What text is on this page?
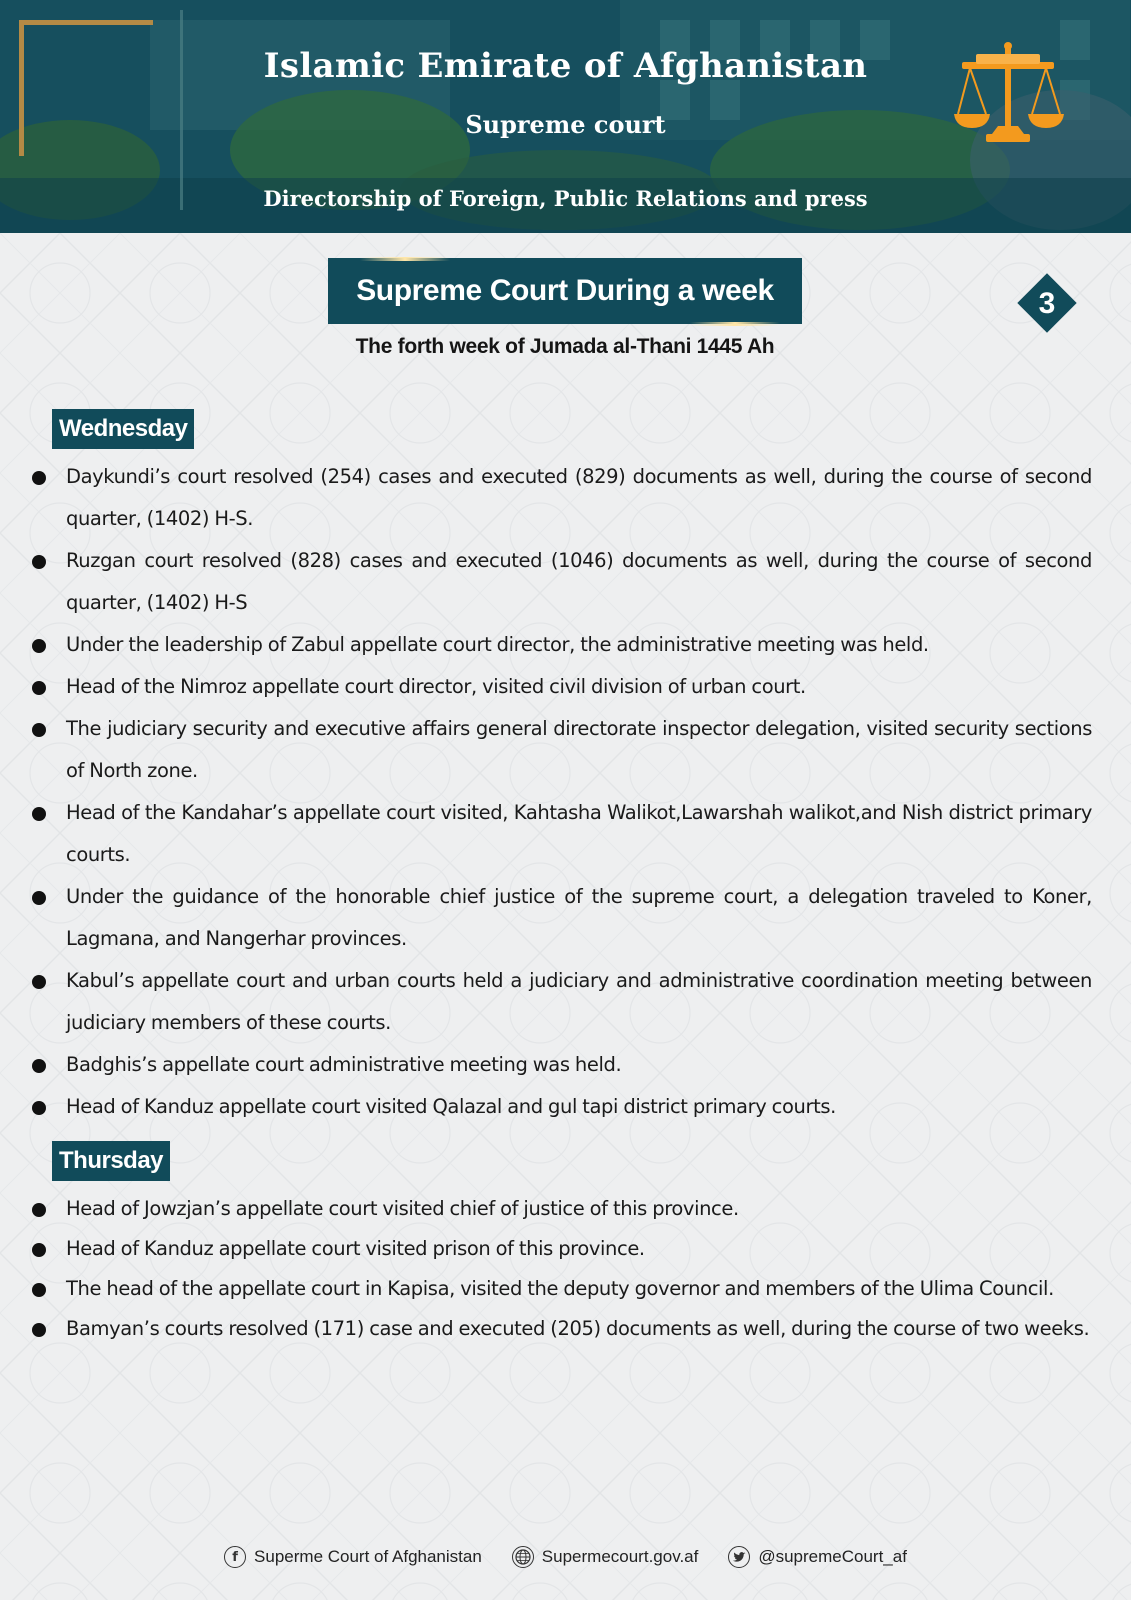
Islamic Emirate of Afghanistan
Supreme court
Directorship of Foreign, Public Relations and press
Supreme Court During a week
The forth week of Jumada al-Thani 1445 Ah
3
Wednesday
Daykundi’s court resolved (254) cases and executed (829) documents as well, during the course of second quarter, (1402) H-S.
Ruzgan court resolved (828) cases and executed (1046) documents as well, during the course of second quarter, (1402) H-S
Under the leadership of Zabul appellate court director, the administrative meeting was held.
Head of the Nimroz appellate court director, visited civil division of urban court.
The judiciary security and executive affairs general directorate inspector delegation, visited security sections of North zone.
Head of the Kandahar’s appellate court visited, Kahtasha Walikot,Lawarshah walikot,and Nish district primary courts.
Under the guidance of the honorable chief justice of the supreme court, a delegation traveled to Koner, Lagmana, and Nangerhar provinces.
Kabul’s appellate court and urban courts held a judiciary and administrative coordination meeting between judiciary members of these courts.
Badghis’s appellate court administrative meeting was held.
Head of Kanduz appellate court visited Qalazal and gul tapi district primary courts.
Thursday
Head of Jowzjan’s appellate court visited chief of justice of this province.
Head of Kanduz appellate court visited prison of this province.
The head of the appellate court in Kapisa, visited the deputy governor and members of the Ulima Council.
Bamyan’s courts resolved (171) case and executed (205) documents as well, during the course of two weeks.
f Superme Court of Afghanistan	Supermecourt.gov.af	@supremeCourt_af
